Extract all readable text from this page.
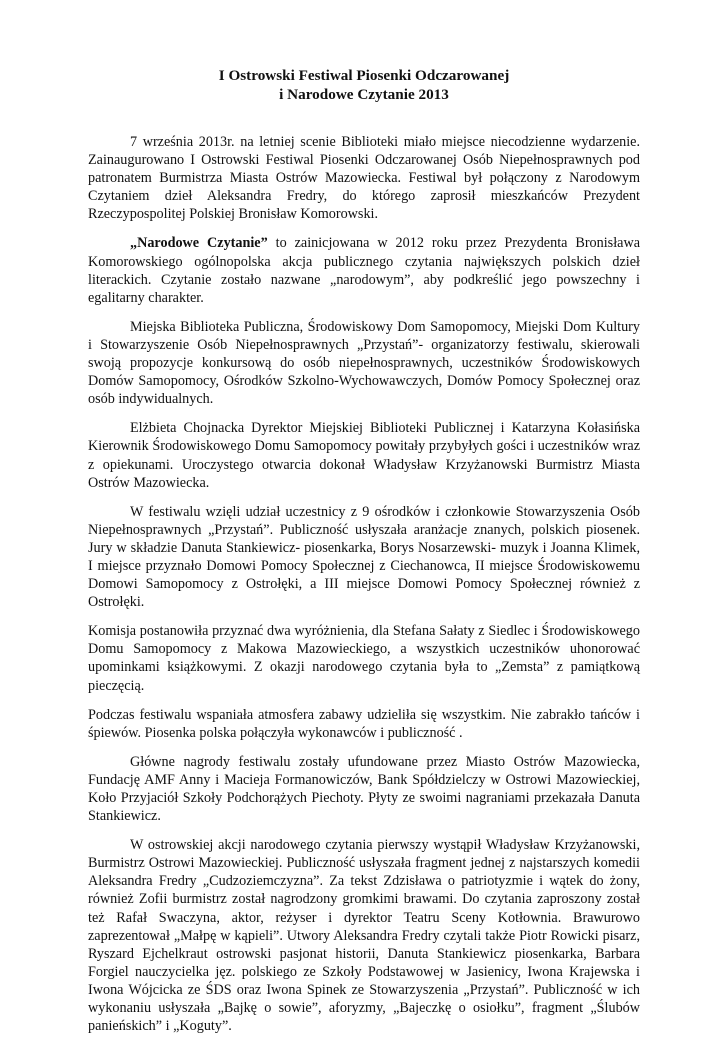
I Ostrowski Festiwal Piosenki Odczarowanej
i Narodowe Czytanie 2013

7 września 2013r. na letniej scenie Biblioteki miało miejsce niecodzienne wydarzenie. Zainaugurowano I Ostrowski Festiwal Piosenki Odczarowanej Osób Niepełnosprawnych pod patronatem Burmistrza Miasta Ostrów Mazowiecka. Festiwal był połączony z Narodowym Czytaniem dzieł Aleksandra Fredry, do którego zaprosił mieszkańców Prezydent Rzeczypospolitej Polskiej Bronisław Komorowski.

„Narodowe Czytanie” to zainicjowana w 2012 roku przez Prezydenta Bronisława Komorowskiego ogólnopolska akcja publicznego czytania największych polskich dzieł literackich. Czytanie zostało nazwane „narodowym”, aby podkreślić jego powszechny i egalitarny charakter.

Miejska Biblioteka Publiczna, Środowiskowy Dom Samopomocy, Miejski Dom Kultury i Stowarzyszenie Osób Niepełnosprawnych „Przystań”- organizatorzy festiwalu, skierowali swoją propozycje konkursową do osób niepełnosprawnych, uczestników Środowiskowych Domów Samopomocy, Ośrodków Szkolno-Wychowawczych, Domów Pomocy Społecznej oraz osób indywidualnych.

Elżbieta Chojnacka Dyrektor Miejskiej Biblioteki Publicznej i Katarzyna Kołasińska Kierownik Środowiskowego Domu Samopomocy powitały przybyłych gości i uczestników wraz z opiekunami. Uroczystego otwarcia dokonał Władysław Krzyżanowski Burmistrz Miasta Ostrów Mazowiecka.

W festiwalu wzięli udział uczestnicy z 9 ośrodków i członkowie Stowarzyszenia Osób Niepełnosprawnych „Przystań”. Publiczność usłyszała aranżacje znanych, polskich piosenek. Jury w składzie Danuta Stankiewicz- piosenkarka, Borys Nosarzewski- muzyk i Joanna Klimek, I miejsce przyznało Domowi Pomocy Społecznej z Ciechanowca, II miejsce Środowiskowemu Domowi Samopomocy z Ostrołęki, a III miejsce Domowi Pomocy Społecznej również z Ostrołęki.

Komisja postanowiła przyznać dwa wyróżnienia, dla Stefana Sałaty z Siedlec i Środowiskowego Domu Samopomocy z Makowa Mazowieckiego, a wszystkich uczestników uhonorować upominkami książkowymi. Z okazji narodowego czytania była to „Zemsta” z pamiątkową pieczęcią.

Podczas festiwalu wspaniała atmosfera zabawy udzieliła się wszystkim. Nie zabrakło tańców i śpiewów. Piosenka polska połączyła wykonawców i publiczność .

Główne nagrody festiwalu zostały ufundowane przez Miasto Ostrów Mazowiecka, Fundację AMF Anny i Macieja Formanowiczów, Bank Spółdzielczy w Ostrowi Mazowieckiej, Koło Przyjaciół Szkoły Podchorążych Piechoty. Płyty ze swoimi nagraniami przekazała Danuta Stankiewicz.

W ostrowskiej akcji narodowego czytania pierwszy wystąpił Władysław Krzyżanowski, Burmistrz Ostrowi Mazowieckiej. Publiczność usłyszała fragment jednej z najstarszych komedii Aleksandra Fredry „Cudzoziemczyzna”. Za tekst Zdzisława o patriotyzmie i wątek do żony, również Zofii burmistrz został nagrodzony gromkimi brawami. Do czytania zaproszony został też Rafał Swaczyna, aktor, reżyser i dyrektor Teatru Sceny Kotłownia. Brawurowo zaprezentował „Małpę w kąpieli”. Utwory Aleksandra Fredry czytali także Piotr Rowicki pisarz, Ryszard Ejchelkraut ostrowski pasjonat historii, Danuta Stankiewicz piosenkarka, Barbara Forgiel nauczycielka jęz. polskiego ze Szkoły Podstawowej w Jasienicy, Iwona Krajewska i Iwona Wójcicka ze ŚDS oraz Iwona Spinek ze Stowarzyszenia „Przystań”. Publiczność w ich wykonaniu usłyszała „Bajkę o sowie”, aforyzmy, „Bajeczkę o osiołku”, fragment „Ślubów panieńskich” i „Koguty”.
